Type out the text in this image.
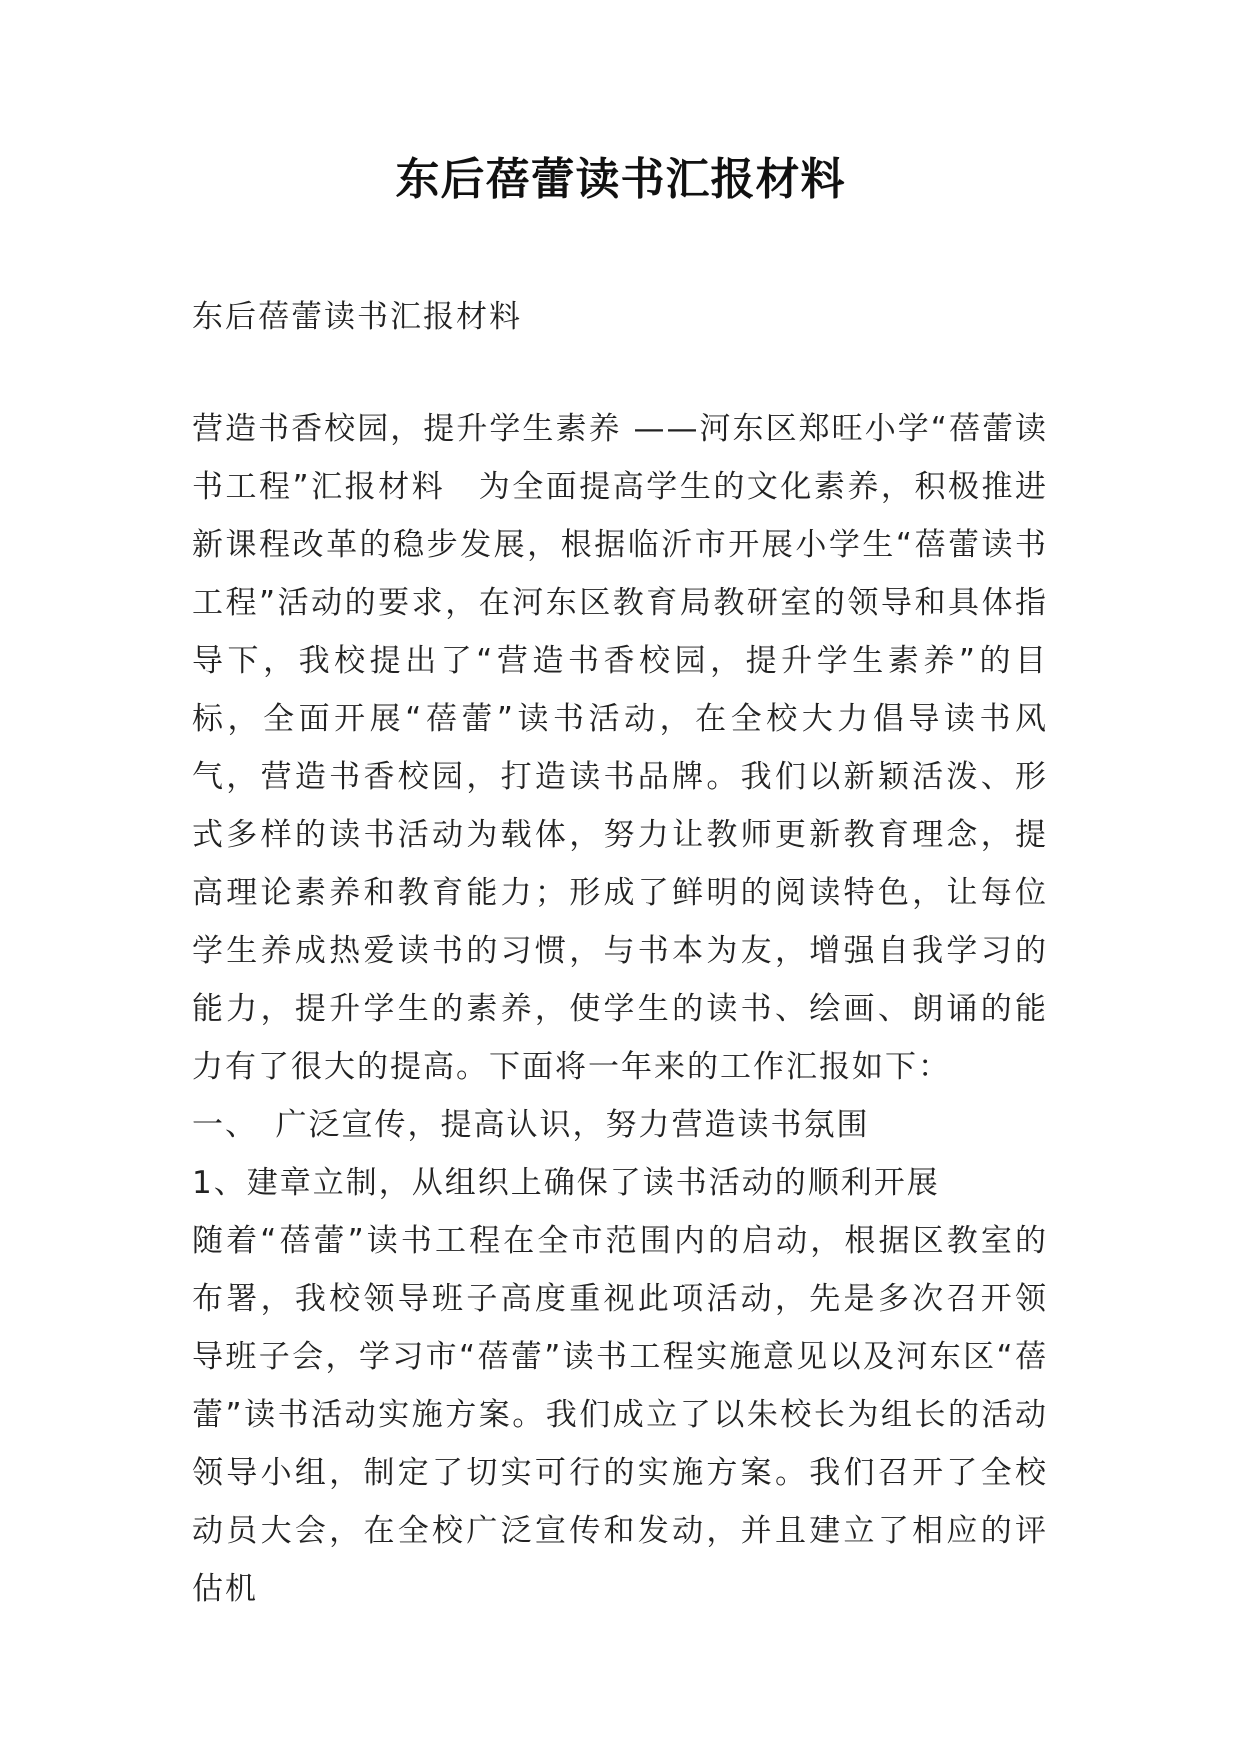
东后蓓蕾读书汇报材料
东后蓓蕾读书汇报材料

营造书香校园，提升学生素养 ——河东区郑旺小学“蓓蕾读书工程”汇报材料　为全面提高学生的文化素养，积极推进新课程改革的稳步发展，根据临沂市开展小学生“蓓蕾读书工程”活动的要求，在河东区教育局教研室的领导和具体指导下，我校提出了“营造书香校园，提升学生素养”的目标，全面开展“蓓蕾”读书活动，在全校大力倡导读书风气，营造书香校园，打造读书品牌。我们以新颖活泼、形式多样的读书活动为载体，努力让教师更新教育理念，提高理论素养和教育能力；形成了鲜明的阅读特色，让每位学生养成热爱读书的习惯，与书本为友，增强自我学习的能力，提升学生的素养，使学生的读书、绘画、朗诵的能力有了很大的提高。下面将一年来的工作汇报如下：

一、　广泛宣传，提高认识，努力营造读书氛围

1、建章立制，从组织上确保了读书活动的顺利开展

随着“蓓蕾”读书工程在全市范围内的启动，根据区教室的布署，我校领导班子高度重视此项活动，先是多次召开领导班子会，学习市“蓓蕾”读书工程实施意见以及河东区“蓓蕾”读书活动实施方案。我们成立了以朱校长为组长的活动领导小组，制定了切实可行的实施方案。我们召开了全校动员大会，在全校广泛宣传和发动，并且建立了相应的评估机
